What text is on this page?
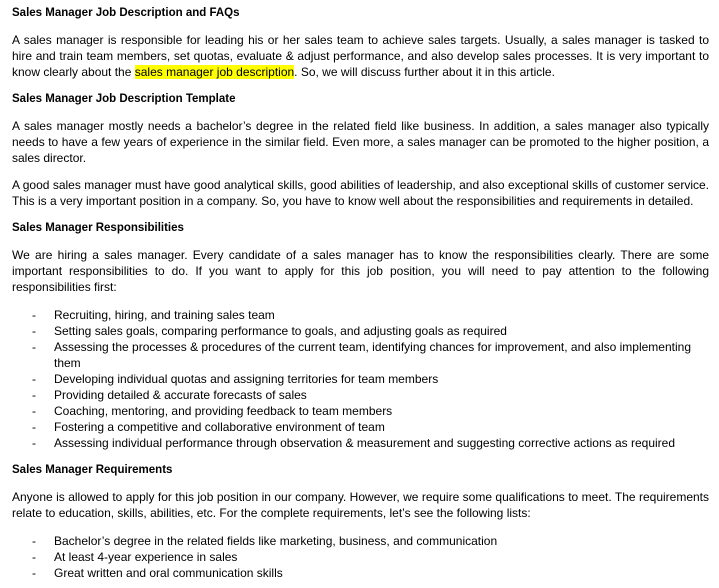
Sales Manager Job Description and FAQs

A sales manager is responsible for leading his or her sales team to achieve sales targets. Usually, a sales manager is tasked to hire and train team members, set quotas, evaluate & adjust performance, and also develop sales processes. It is very important to know clearly about the sales manager job description. So, we will discuss further about it in this article.

Sales Manager Job Description Template

A sales manager mostly needs a bachelor’s degree in the related field like business. In addition, a sales manager also typically needs to have a few years of experience in the similar field. Even more, a sales manager can be promoted to the higher position, a sales director.

A good sales manager must have good analytical skills, good abilities of leadership, and also exceptional skills of customer service. This is a very important position in a company. So, you have to know well about the responsibilities and requirements in detailed.

Sales Manager Responsibilities

We are hiring a sales manager. Every candidate of a sales manager has to know the responsibilities clearly. There are some important responsibilities to do. If you want to apply for this job position, you will need to pay attention to the following responsibilities first:

- Recruiting, hiring, and training sales team
- Setting sales goals, comparing performance to goals, and adjusting goals as required
- Assessing the processes & procedures of the current team, identifying chances for improvement, and also implementing them
- Developing individual quotas and assigning territories for team members
- Providing detailed & accurate forecasts of sales
- Coaching, mentoring, and providing feedback to team members
- Fostering a competitive and collaborative environment of team
- Assessing individual performance through observation & measurement and suggesting corrective actions as required
Sales Manager Requirements

Anyone is allowed to apply for this job position in our company. However, we require some qualifications to meet. The requirements relate to education, skills, abilities, etc. For the complete requirements, let’s see the following lists:

- Bachelor’s degree in the related fields like marketing, business, and communication
- At least 4-year experience in sales
- Great written and oral communication skills
